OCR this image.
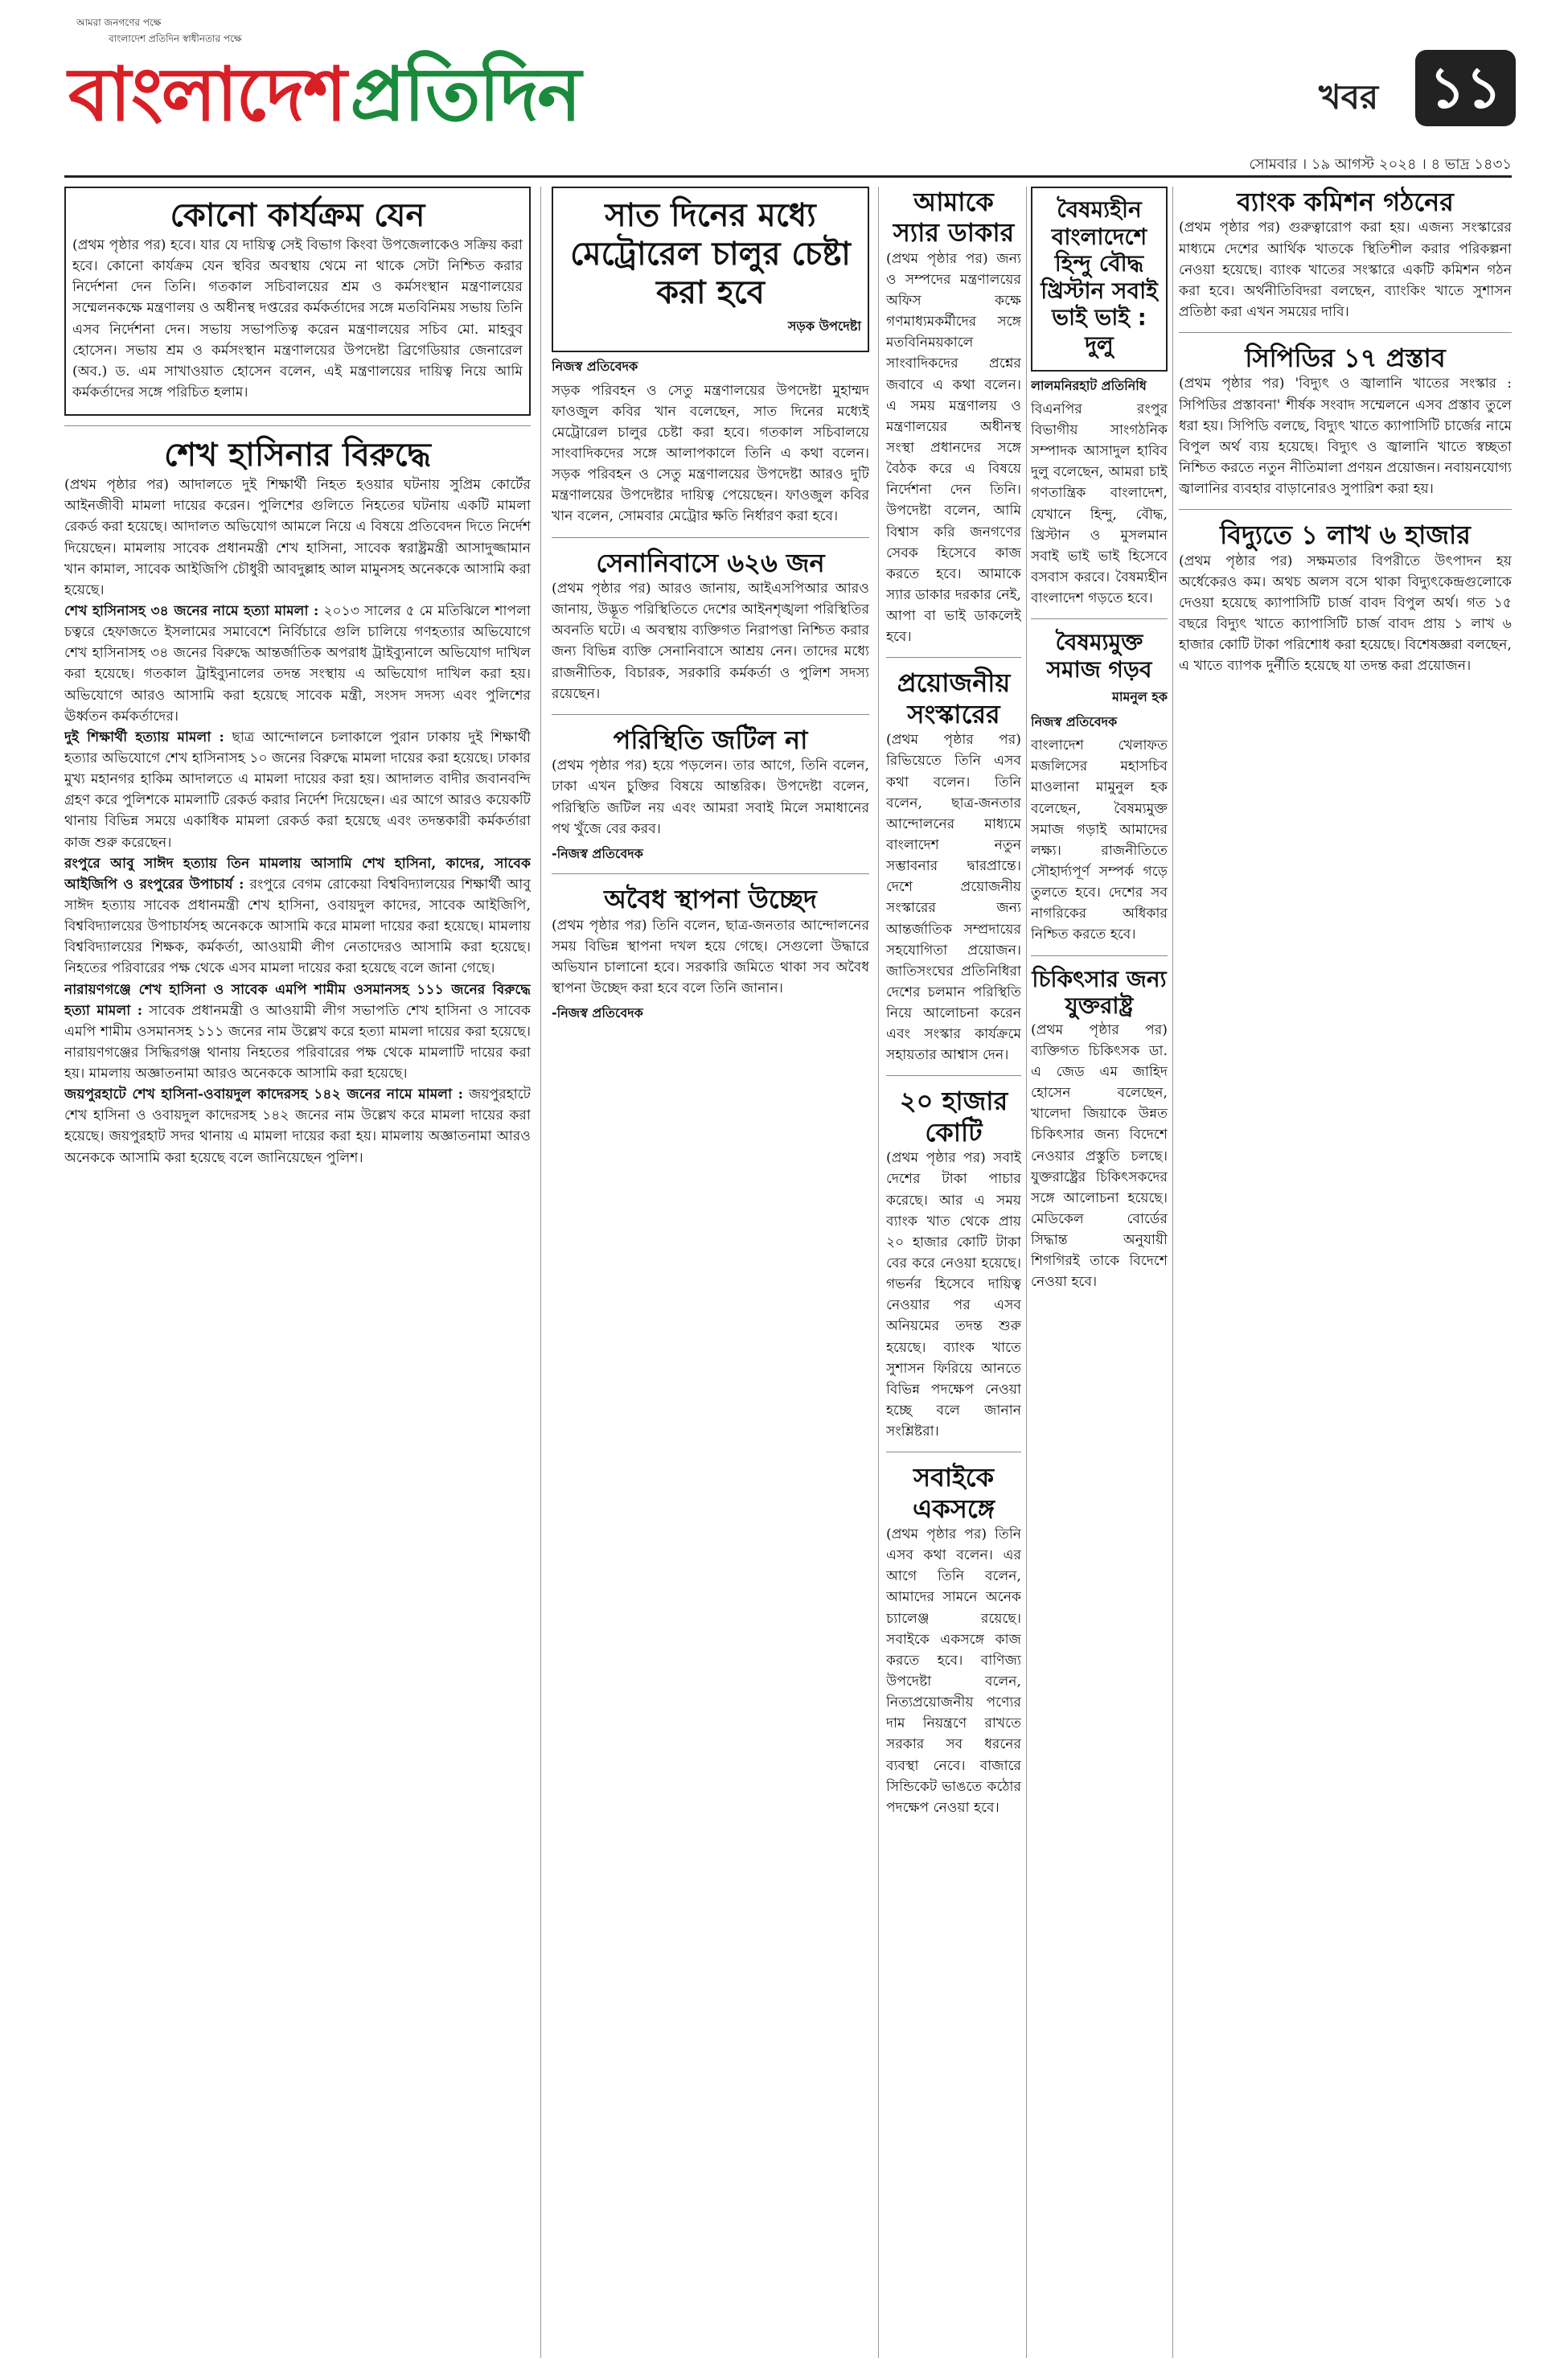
আমরা জনগণের পক্ষে
বাংলাদেশ প্রতিদিন স্বাধীনতার পক্ষে
বাংলাদেশ প্রতিদিন	খবর ১১
সোমবার । ১৯ আগস্ট ২০২৪ । ৪ ভাদ্র ১৪৩১
কোনো কার্যক্রম যেন

(প্রথম পৃষ্ঠার পর) হবে। যার যে দায়িত্ব সেই বিভাগ কিংবা উপজেলাকেও সক্রিয় করা হবে। কোনো কার্যক্রম যেন স্থবির অবস্থায় থেমে না থাকে সেটা নিশ্চিত করার নির্দেশনা দেন তিনি। গতকাল সচিবালয়ের শ্রম ও কর্মসংস্থান মন্ত্রণালয়ের সম্মেলনকক্ষে মন্ত্রণালয় ও অধীনস্থ দপ্তরের কর্মকর্তাদের সঙ্গে মতবিনিময় সভায় তিনি এসব নির্দেশনা দেন। সভায় সভাপতিত্ব করেন মন্ত্রণালয়ের সচিব মো. মাহবুব হোসেন। সভায় শ্রম ও কর্মসংস্থান মন্ত্রণালয়ের উপদেষ্টা ব্রিগেডিয়ার জেনারেল (অব.) ড. এম সাখাওয়াত হোসেন বলেন, এই মন্ত্রণালয়ের দায়িত্ব নিয়ে আমি কর্মকর্তাদের সঙ্গে পরিচিত হলাম।

শেখ হাসিনার বিরুদ্ধে

(প্রথম পৃষ্ঠার পর) আদালতে দুই শিক্ষার্থী নিহত হওয়ার ঘটনায় সুপ্রিম কোর্টের আইনজীবী মামলা দায়ের করেন। পুলিশের গুলিতে নিহতের ঘটনায় একটি মামলা রেকর্ড করা হয়েছে। আদালত অভিযোগ আমলে নিয়ে এ বিষয়ে প্রতিবেদন দিতে নির্দেশ দিয়েছেন। মামলায় সাবেক প্রধানমন্ত্রী শেখ হাসিনা, সাবেক স্বরাষ্ট্রমন্ত্রী আসাদুজ্জামান খান কামাল, সাবেক আইজিপি চৌধুরী আবদুল্লাহ আল মামুনসহ অনেককে আসামি করা হয়েছে।

শেখ হাসিনাসহ ৩৪ জনের নামে হত্যা মামলা : ২০১৩ সালের ৫ মে মতিঝিলে শাপলা চত্বরে হেফাজতে ইসলামের সমাবেশে নির্বিচারে গুলি চালিয়ে গণহত্যার অভিযোগে শেখ হাসিনাসহ ৩৪ জনের বিরুদ্ধে আন্তর্জাতিক অপরাধ ট্রাইব্যুনালে অভিযোগ দাখিল করা হয়েছে। গতকাল ট্রাইব্যুনালের তদন্ত সংস্থায় এ অভিযোগ দাখিল করা হয়। অভিযোগে আরও আসামি করা হয়েছে সাবেক মন্ত্রী, সংসদ সদস্য এবং পুলিশের ঊর্ধ্বতন কর্মকর্তাদের।

দুই শিক্ষার্থী হত্যায় মামলা : ছাত্র আন্দোলনে চলাকালে পুরান ঢাকায় দুই শিক্ষার্থী হত্যার অভিযোগে শেখ হাসিনাসহ ১০ জনের বিরুদ্ধে মামলা দায়ের করা হয়েছে। ঢাকার মুখ্য মহানগর হাকিম আদালতে এ মামলা দায়ের করা হয়। আদালত বাদীর জবানবন্দি গ্রহণ করে পুলিশকে মামলাটি রেকর্ড করার নির্দেশ দিয়েছেন। এর আগে আরও কয়েকটি থানায় বিভিন্ন সময়ে একাধিক মামলা রেকর্ড করা হয়েছে এবং তদন্তকারী কর্মকর্তারা কাজ শুরু করেছেন।

রংপুরে আবু সাঈদ হত্যায় তিন মামলায় আসামি শেখ হাসিনা, কাদের, সাবেক আইজিপি ও রংপুরের উপাচার্য : রংপুরে বেগম রোকেয়া বিশ্ববিদ্যালয়ের শিক্ষার্থী আবু সাঈদ হত্যায় সাবেক প্রধানমন্ত্রী শেখ হাসিনা, ওবায়দুল কাদের, সাবেক আইজিপি, বিশ্ববিদ্যালয়ের উপাচার্যসহ অনেককে আসামি করে মামলা দায়ের করা হয়েছে। মামলায় বিশ্ববিদ্যালয়ের শিক্ষক, কর্মকর্তা, আওয়ামী লীগ নেতাদেরও আসামি করা হয়েছে। নিহতের পরিবারের পক্ষ থেকে এসব মামলা দায়ের করা হয়েছে বলে জানা গেছে।

নারায়ণগঞ্জে শেখ হাসিনা ও সাবেক এমপি শামীম ওসমানসহ ১১১ জনের বিরুদ্ধে হত্যা মামলা : সাবেক প্রধানমন্ত্রী ও আওয়ামী লীগ সভাপতি শেখ হাসিনা ও সাবেক এমপি শামীম ওসমানসহ ১১১ জনের নাম উল্লেখ করে হত্যা মামলা দায়ের করা হয়েছে। নারায়ণগঞ্জের সিদ্ধিরগঞ্জ থানায় নিহতের পরিবারের পক্ষ থেকে মামলাটি দায়ের করা হয়। মামলায় অজ্ঞাতনামা আরও অনেককে আসামি করা হয়েছে।

জয়পুরহাটে শেখ হাসিনা-ওবায়দুল কাদেরসহ ১৪২ জনের নামে মামলা : জয়পুরহাটে শেখ হাসিনা ও ওবায়দুল কাদেরসহ ১৪২ জনের নাম উল্লেখ করে মামলা দায়ের করা হয়েছে। জয়পুরহাট সদর থানায় এ মামলা দায়ের করা হয়। মামলায় অজ্ঞাতনামা আরও অনেককে আসামি করা হয়েছে বলে জানিয়েছেন পুলিশ।

সাত দিনের মধ্যে মেট্রোরেল চালুর চেষ্টা করা হবে
সড়ক উপদেষ্টা
নিজস্ব প্রতিবেদক

সড়ক পরিবহন ও সেতু মন্ত্রণালয়ের উপদেষ্টা মুহাম্মদ ফাওজুল কবির খান বলেছেন, সাত দিনের মধ্যেই মেট্রোরেল চালুর চেষ্টা করা হবে। গতকাল সচিবালয়ে সাংবাদিকদের সঙ্গে আলাপকালে তিনি এ কথা বলেন। সড়ক পরিবহন ও সেতু মন্ত্রণালয়ের উপদেষ্টা আরও দুটি মন্ত্রণালয়ের উপদেষ্টার দায়িত্ব পেয়েছেন। ফাওজুল কবির খান বলেন, সোমবার মেট্রোর ক্ষতি নির্ধারণ করা হবে।

সেনানিবাসে ৬২৬ জন

(প্রথম পৃষ্ঠার পর) আরও জানায়, আইএসপিআর আরও জানায়, উদ্ভূত পরিস্থিতিতে দেশের আইনশৃঙ্খলা পরিস্থিতির অবনতি ঘটে। এ অবস্থায় ব্যক্তিগত নিরাপত্তা নিশ্চিত করার জন্য বিভিন্ন ব্যক্তি সেনানিবাসে আশ্রয় নেন। তাদের মধ্যে রাজনীতিক, বিচারক, সরকারি কর্মকর্তা ও পুলিশ সদস্য রয়েছেন।

পরিস্থিতি জটিল না

(প্রথম পৃষ্ঠার পর) হয়ে পড়লেন। তার আগে, তিনি বলেন, ঢাকা এখন চুক্তির বিষয়ে আন্তরিক। উপদেষ্টা বলেন, পরিস্থিতি জটিল নয় এবং আমরা সবাই মিলে সমাধানের পথ খুঁজে বের করব।

-নিজস্ব প্রতিবেদক
অবৈধ স্থাপনা উচ্ছেদ

(প্রথম পৃষ্ঠার পর) তিনি বলেন, ছাত্র-জনতার আন্দোলনের সময় বিভিন্ন স্থাপনা দখল হয়ে গেছে। সেগুলো উদ্ধারে অভিযান চালানো হবে। সরকারি জমিতে থাকা সব অবৈধ স্থাপনা উচ্ছেদ করা হবে বলে তিনি জানান।

-নিজস্ব প্রতিবেদক
আমাকে স্যার ডাকার

(প্রথম পৃষ্ঠার পর) জন্য ও সম্পদের মন্ত্রণালয়ের অফিস কক্ষে গণমাধ্যমকর্মীদের সঙ্গে মতবিনিময়কালে সাংবাদিকদের প্রশ্নের জবাবে এ কথা বলেন। এ সময় মন্ত্রণালয় ও মন্ত্রণালয়ের অধীনস্থ সংস্থা প্রধানদের সঙ্গে বৈঠক করে এ বিষয়ে নির্দেশনা দেন তিনি। উপদেষ্টা বলেন, আমি বিশ্বাস করি জনগণের সেবক হিসেবে কাজ করতে হবে। আমাকে স্যার ডাকার দরকার নেই, আপা বা ভাই ডাকলেই হবে।

প্রয়োজনীয় সংস্কারের

(প্রথম পৃষ্ঠার পর) রিভিয়েতে তিনি এসব কথা বলেন। তিনি বলেন, ছাত্র-জনতার আন্দোলনের মাধ্যমে বাংলাদেশ নতুন সম্ভাবনার দ্বারপ্রান্তে। দেশে প্রয়োজনীয় সংস্কারের জন্য আন্তর্জাতিক সম্প্রদায়ের সহযোগিতা প্রয়োজন। জাতিসংঘের প্রতিনিধিরা দেশের চলমান পরিস্থিতি নিয়ে আলোচনা করেন এবং সংস্কার কার্যক্রমে সহায়তার আশ্বাস দেন।

২০ হাজার কোটি

(প্রথম পৃষ্ঠার পর) সবাই দেশের টাকা পাচার করেছে। আর এ সময় ব্যাংক খাত থেকে প্রায় ২০ হাজার কোটি টাকা বের করে নেওয়া হয়েছে। গভর্নর হিসেবে দায়িত্ব নেওয়ার পর এসব অনিয়মের তদন্ত শুরু হয়েছে। ব্যাংক খাতে সুশাসন ফিরিয়ে আনতে বিভিন্ন পদক্ষেপ নেওয়া হচ্ছে বলে জানান সংশ্লিষ্টরা।

সবাইকে একসঙ্গে

(প্রথম পৃষ্ঠার পর) তিনি এসব কথা বলেন। এর আগে তিনি বলেন, আমাদের সামনে অনেক চ্যালেঞ্জ রয়েছে। সবাইকে একসঙ্গে কাজ করতে হবে। বাণিজ্য উপদেষ্টা বলেন, নিত্যপ্রয়োজনীয় পণ্যের দাম নিয়ন্ত্রণে রাখতে সরকার সব ধরনের ব্যবস্থা নেবে। বাজারে সিন্ডিকেট ভাঙতে কঠোর পদক্ষেপ নেওয়া হবে।

বৈষম্যহীন বাংলাদেশে হিন্দু বৌদ্ধ খ্রিস্টান সবাই ভাই ভাই : দুলু
লালমনিরহাট প্রতিনিধি

বিএনপির রংপুর বিভাগীয় সাংগঠনিক সম্পাদক আসাদুল হাবিব দুলু বলেছেন, আমরা চাই গণতান্ত্রিক বাংলাদেশ, যেখানে হিন্দু, বৌদ্ধ, খ্রিস্টান ও মুসলমান সবাই ভাই ভাই হিসেবে বসবাস করবে। বৈষম্যহীন বাংলাদেশ গড়তে হবে।

বৈষম্যমুক্ত সমাজ গড়ব
মামনুল হক
নিজস্ব প্রতিবেদক

বাংলাদেশ খেলাফত মজলিসের মহাসচিব মাওলানা মামুনুল হক বলেছেন, বৈষম্যমুক্ত সমাজ গড়াই আমাদের লক্ষ্য। রাজনীতিতে সৌহার্দ্যপূর্ণ সম্পর্ক গড়ে তুলতে হবে। দেশের সব নাগরিকের অধিকার নিশ্চিত করতে হবে।

চিকিৎসার জন্য যুক্তরাষ্ট্র

(প্রথম পৃষ্ঠার পর) ব্যক্তিগত চিকিৎসক ডা. এ জেড এম জাহিদ হোসেন বলেছেন, খালেদা জিয়াকে উন্নত চিকিৎসার জন্য বিদেশে নেওয়ার প্রস্তুতি চলছে। যুক্তরাষ্ট্রের চিকিৎসকদের সঙ্গে আলোচনা হয়েছে। মেডিকেল বোর্ডের সিদ্ধান্ত অনুযায়ী শিগগিরই তাকে বিদেশে নেওয়া হবে।

ব্যাংক কমিশন গঠনের

(প্রথম পৃষ্ঠার পর) গুরুত্বারোপ করা হয়। এজন্য সংস্কারের মাধ্যমে দেশের আর্থিক খাতকে স্থিতিশীল করার পরিকল্পনা নেওয়া হয়েছে। ব্যাংক খাতের সংস্কারে একটি কমিশন গঠন করা হবে। অর্থনীতিবিদরা বলছেন, ব্যাংকিং খাতে সুশাসন প্রতিষ্ঠা করা এখন সময়ের দাবি।

সিপিডির ১৭ প্রস্তাব

(প্রথম পৃষ্ঠার পর) 'বিদ্যুৎ ও জ্বালানি খাতের সংস্কার : সিপিডির প্রস্তাবনা' শীর্ষক সংবাদ সম্মেলনে এসব প্রস্তাব তুলে ধরা হয়। সিপিডি বলছে, বিদ্যুৎ খাতে ক্যাপাসিটি চার্জের নামে বিপুল অর্থ ব্যয় হয়েছে। বিদ্যুৎ ও জ্বালানি খাতে স্বচ্ছতা নিশ্চিত করতে নতুন নীতিমালা প্রণয়ন প্রয়োজন। নবায়নযোগ্য জ্বালানির ব্যবহার বাড়ানোরও সুপারিশ করা হয়।

বিদ্যুতে ১ লাখ ৬ হাজার

(প্রথম পৃষ্ঠার পর) সক্ষমতার বিপরীতে উৎপাদন হয় অর্ধেকেরও কম। অথচ অলস বসে থাকা বিদ্যুৎকেন্দ্রগুলোকে দেওয়া হয়েছে ক্যাপাসিটি চার্জ বাবদ বিপুল অর্থ। গত ১৫ বছরে বিদ্যুৎ খাতে ক্যাপাসিটি চার্জ বাবদ প্রায় ১ লাখ ৬ হাজার কোটি টাকা পরিশোধ করা হয়েছে। বিশেষজ্ঞরা বলছেন, এ খাতে ব্যাপক দুর্নীতি হয়েছে যা তদন্ত করা প্রয়োজন।
